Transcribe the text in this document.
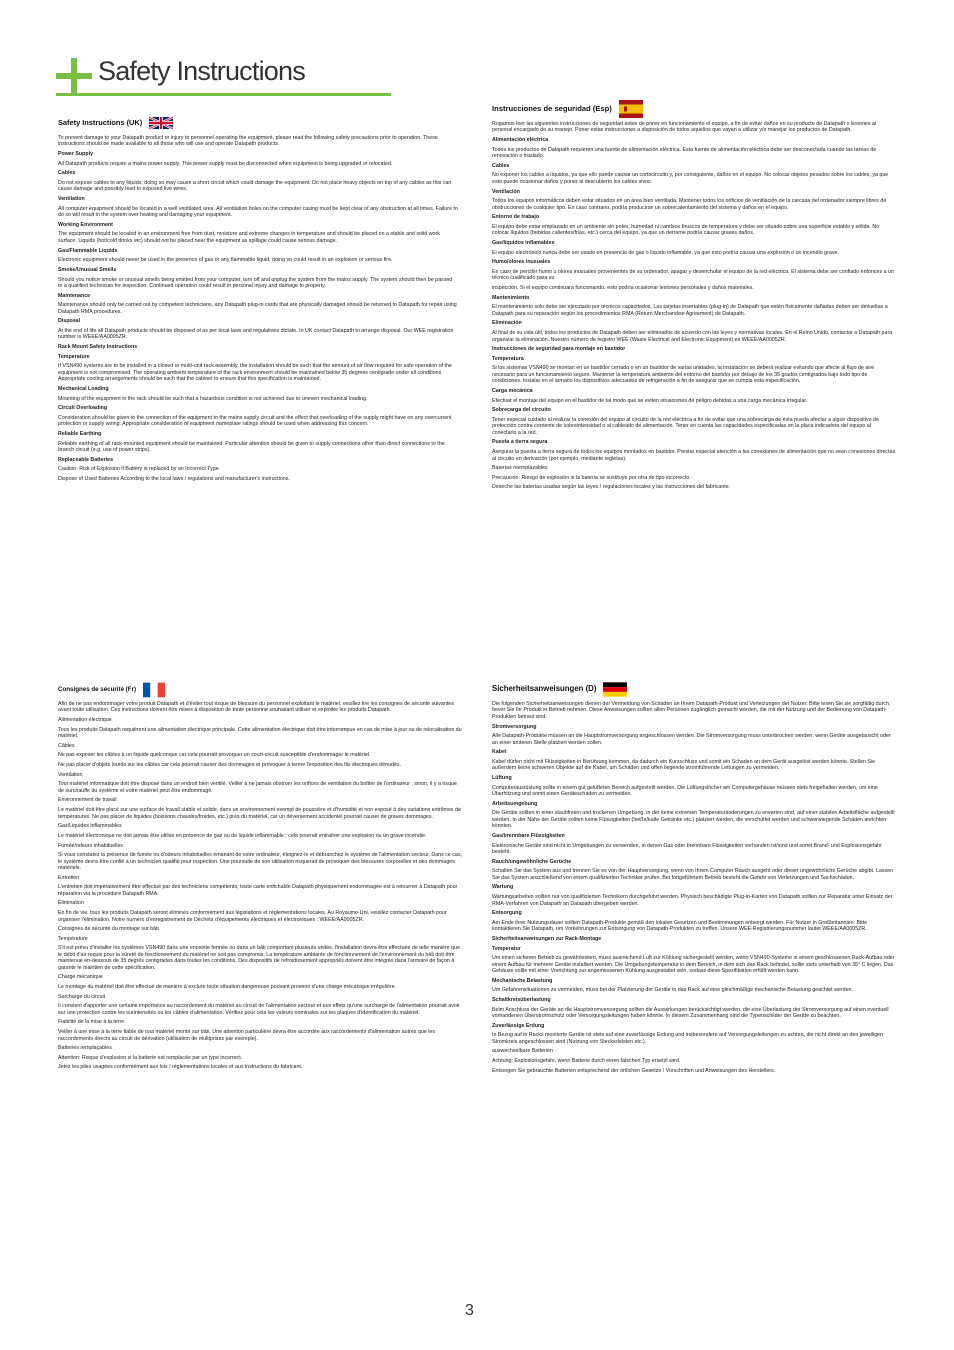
Safety Instructions
Safety Instructions (UK)

To prevent damage to your Datapath product or injury to personnel operating the equipment, please read the following safety precautions prior to operation. These instructions should be made available to all those who will use and operate Datapath products.

Power Supply

All Datapath products require a mains power supply. This power supply must be disconnected when equipment is being upgraded or relocated.

Cables

Do not expose cables to any liquids; doing so may cause a short circuit which could damage the equipment. Do not place heavy objects on top of any cables as this can cause damage and possibly lead to exposed live wires.

Ventilation

All computer equipment should be located in a well ventilated area. All ventilation holes on the computer casing must be kept clear of any obstruction at all times. Failure to do so will result in the system over heating and damaging your equipment.

Working Environment

The equipment should be located in an environment free from dust, moisture and extreme changes in temperature and should be placed on a stable and solid work surface. Liquids (hot/cold drinks etc) should not be placed near the equipment as spillage could cause serious damage.

Gas/Flammable Liquids

Electronic equipment should never be used in the presence of gas or any flammable liquid, doing so could result in an explosion or serious fire.

Smoke/Unusual Smells

Should you notice smoke or unusual smells being emitted from your computer, turn off and unplug the system from the mains supply. The system should then be passed to a qualified technician for inspection. Continued operation could result in personal injury and damage to property.

Maintenance

Maintenance should only be carried out by competent technicians, any Datapath plug-in cards that are physically damaged should be returned to Datapath for repair using Datapath RMA procedures.

Disposal

At the end of life all Datapath products should be disposed of as per local laws and regulations dictate. In UK contact Datapath to arrange disposal. Our WEE registration number is WEEE/AA0005ZR.

Rack Mount Safety Instructions

Temperature

If VSN490 systems are to be installed in a closed or multi-unit rack assembly, the installation should be such that the amount of air flow required for safe operation of the equipment is not compromised. The operating ambient temperature of the rack environment should be maintained below 35 degrees centigrade under all conditions. Appropriate cooling arrangements should be such that the cabinet to ensure that this specification is maintained.

Mechanical Loading

Mounting of the equipment in the rack should be such that a hazardous condition is not achieved due to uneven mechanical loading.

Circuit Overloading

Consideration should be given to the connection of the equipment to the mains supply circuit and the effect that overloading of the supply might have on any overcurrent protection or supply wiring. Appropriate consideration of equipment nameplate ratings should be used when addressing this concern.

Reliable Earthing

Reliable earthing of all rack-mounted equipment should be maintained. Particular attention should be given to supply connections other than direct connections to the branch circuit (e.g. use of power strips).

Replaceable Batteries

Caution: Risk of Explosion if Battery is replaced by an Incorrect Type.

Dispose of Used Batteries According to the local laws / regulations and manufacturer's instructions.

Instrucciones de seguridad (Esp)

Rogamos leer las siguientes instrucciones de seguridad antes de poner en funcionamiento el equipo, a fin de evitar daños en su producto de Datapath o lesiones al personal encargado de su manejo. Poner estas instrucciones a disposición de todos aquellos que vayan a utilizar y/o manejar los productos de Datapath.

Alimentación eléctrica

Todos los productos de Datapath requieren una fuente de alimentación eléctrica. Esta fuente de alimentación eléctrica debe ser desconectada cuando las tareas de renovación o traslado.

Cables

No exponer los cables a líquidos, ya que ello puede causar un cortocircuito y, por consiguiente, daños en el equipo. No colocar objetos pesados sobre los cables, ya que esto puede ocasionar daños y poner al descubierto los cables vivos.

Ventilación

Todos los equipos informáticos deben estar situados en un área bien ventilada. Mantener todos los orificios de ventilación de la carcasa del ordenador siempre libres de obstrucciones de cualquier tipo. En caso contrario, podría producirse un sobrecalentamiento del sistema y daños en el equipo.

Entorno de trabajo

El equipo debe estar emplazado en un ambiente sin polvo, humedad ni cambios bruscos de temperatura y debe ser situado sobre una superficie estable y sólida. No colocar líquidos (bebidas calientes/frías, etc.) cerca del equipo, ya que un derrame podría causar graves daños.

Gas/líquidos inflamables

El equipo electrónico nunca debe ser usado en presencia de gas o líquido inflamable, ya que esto podría causar una explosión o un incendio grave.

Humo/olores inusuales

En caso de percibir humo u olores inusuales provenientes de su ordenador, apagar y desenchufar el equipo de la red eléctrica. El sistema debe ser confiado entonces a un técnico cualificado para su

inspección. Si el equipo continuara funcionando, esto podría ocasionar lesiones personales y daños materiales.

Mantenimiento

El mantenimiento solo debe ser ejecutado por técnicos capacitados. Las tarjetas insertables (plug-in) de Datapath que estén físicamente dañadas deben ser devueltas a Datapath para su reparación según los procedimientos RMA (Return Merchandise Agreement) de Datapath.

Eliminación

Al final de su vida útil, todos los productos de Datapath deben ser eliminados de acuerdo con las leyes y normativas locales. En el Reino Unido, contactar a Datapath para organizar la eliminación. Nuestro número de registro WEE (Waste Electrical and Electronic Equipment) es WEEE/AA0005ZR.

Instrucciones de seguridad para montaje en bastidor

Temperatura

Si los sistemas VSN490 se montan en un bastidor cerrado o en un bastidor de varias unidades, la instalación se deberá realizar evitando que afecte al flujo de aire necesario para un funcionamiento seguro. Mantener la temperatura ambiente del entorno del bastidor por debajo de los 35 grados centígrados bajo todo tipo de condiciones. Instalar en el armario los dispositivos adecuados de refrigeración a fin de asegurar que se cumpla esta especificación.

Carga mecánica

Efectuar el montaje del equipo en el bastidor de tal modo que se eviten situaciones de peligro debidas a una carga mecánica irregular.

Sobrecarga del circuito

Tener especial cuidado al realizar la conexión del equipo al circuito de la red eléctrica a fin de evitar que una sobrecarga de ésta pueda afectar a algún dispositivo de protección contra corriente de sobreintensidad o al cableado de alimentación. Tener en cuenta las capacidades especificadas en la placa indicadora del equipo al conectarlo a la red.

Puesta a tierra segura

Asegurar la puesta a tierra segura de todos los equipos montados en bastidor. Prestar especial atención a las conexiones de alimentación que no sean conexiones directas al circuito en derivación (por ejemplo, mediante regletas).

Baterías reemplazables

Precaución: Riesgo de explosión si la batería se sustituye por otra de tipo incorrecto.

Deseche las baterías usadas según las leyes / regulaciones locales y las instrucciones del fabricante.

Consignes de sécurité (Fr)

Afin de ne pas endommager votre produit Datapath et d'éviter tout risque de blessure du personnel exploitant le matériel, veuillez lire les consignes de sécurité suivantes avant toute utilisation. Ces instructions doivent être mises à disposition de toute personne souhaitant utiliser et exploiter les produits Datapath.

Alimentation électrique

Tous les produits Datapath requièrent une alimentation électrique principale. Cette alimentation électrique doit être interrompue en cas de mise à jour ou de relocalisation du matériel.

Câbles

Ne pas exposer les câbles à un liquide quelconque car cela pourrait provoquer un court-circuit susceptible d'endommager le matériel.

Ne pas placer d'objets lourds sur les câbles car cela pourrait causer des dommages et provoquer à terme l'exposition des fils électriques dénudés.

Ventilation

Tout matériel informatique doit être disposé dans un endroit bien ventilé. Veiller à ne jamais obstruer les orifices de ventilation du boîtier de l'ordinateur ; sinon, il y a risque de surchauffe du système et votre matériel peut être endommagé.

Environnement de travail

Le matériel doit être placé sur une surface de travail stable et solide, dans un environnement exempt de poussière et d'humidité et non exposé à des variations extrêmes de températures. Ne pas placer de liquides (boissons chaudes/froides, etc.) près du matériel, car un déversement accidentel pourrait causer de graves dommages.

Gaz/Liquides inflammables

Le matériel électronique ne doit jamais être utilisé en présence de gaz ou de liquide inflammable ; cela pourrait entraîner une explosion ou un grave incendie.

Fumée/odeurs inhabituelles

Si vous constatez la présence de fumée ou d'odeurs inhabituelles émanant de votre ordinateur, éteignez-le et débranchez le système de l'alimentation secteur. Dans ce cas, le système devra être confié à un technicien qualifié pour inspection. Une poursuite de son utilisation risquerait de provoquer des blessures corporelles et des dommages matériels.

Entretien

L'entretien doit impérativement être effectué par des techniciens compétents, toute carte enfichable Datapath physiquement endommagée est à retourner à Datapath pour réparation via la procédure Datapath RMA.

Élimination

En fin de vie, tous les produits Datapath seront éliminés conformément aux législations et réglementations locales. Au Royaume-Uni, veuillez contacter Datapath pour organiser l'élimination. Notre numéro d'enregistrement de Déchets d'équipements électriques et électroniques : WEEE/AA0005ZR.

Consignes de sécurité du montage sur bâti

Température

S'il est prévu d'installer les systèmes VSN490 dans une enceinte fermée ou dans un bâti comportant plusieurs unités, l'installation devra être effectuée de telle manière que le débit d'air requis pour la sûreté de fonctionnement du matériel ne soit pas compromis. La température ambiante de fonctionnement de l'environnement du bâti doit être maintenue en-dessous de 35 degrés centigrades dans toutes les conditions. Des dispositifs de refroidissement appropriés doivent être intégrés dans l'armoire de façon à garantir le maintien de cette spécification.

Charge mécanique

Le montage du matériel doit être effectué de manière à exclure toute situation dangereuse pouvant provenir d'une charge mécanique irrégulière.

Surcharge du circuit

Il convient d'apporter une certaine importance au raccordement du matériel au circuit de l'alimentation secteur et aux effets qu'une surcharge de l'alimentation pourrait avoir sur une protection contre les surintensités ou les câbles d'alimentation. Vérifiez pour cela les valeurs nominales sur les plaques d'identification du matériel.

Fiabilité de la mise à la terre

Veiller à une mise à la terre fiable de tout matériel monté sur bâti. Une attention particulière devra être accordée aux raccordements d'alimentation autres que les raccordements directs au circuit de dérivation (utilisation de multiprises par exemple).

Batteries remplaçables

Attention: Risque d'explosion si la batterie est remplacée par un type incorrect.

Jetez les piles usagées conformément aux lois / réglementations locales et aux instructions du fabricant.

Sicherheitsanweisungen (D)

Die folgenden Sicherheitsanweisungen dienen der Vermeidung von Schäden an Ihrem Datapath-Produkt und Verletzungen der Nutzer. Bitte lesen Sie sie sorgfältig durch, bevor Sie Ihr Produkt in Betrieb nehmen. Diese Anweisungen sollten allen Personen zugänglich gemacht werden, die mit der Nutzung und der Bedienung von Datapath-Produkten betraut sind.

Stromversorgung

Alle Datapath-Produkte müssen an die Hauptstromversorgung angeschlossen werden. Die Stromversorgung muss unterbrochen werden, wenn Geräte ausgetauscht oder an einer anderen Stelle platziert werden sollen.

Kabel

Kabel dürfen nicht mit Flüssigkeiten in Berührung kommen, da dadurch ein Kurzschluss und somit ein Schaden an dem Gerät ausgelöst werden könnte. Stellen Sie außerdem keine schweren Objekte auf die Kabel, um Schäden und offen liegende stromführende Leitungen zu vermeiden.

Lüftung

Computerausrüstung sollte in einem gut gelüfteten Bereich aufgestellt werden. Die Lüftungslöcher am Computergehäuse müssen stets freigehalten werden, um eine Überhitzung und somit einen Geräteschaden zu vermeiden.

Arbeitsumgebung

Die Geräte sollten in einer staubfreien und trockenen Umgebung, in der keine extremen Temperaturänderungen zu erwarten sind, auf einer stabilen Arbeitsfläche aufgestellt werden. In der Nähe der Geräte sollten keine Flüssigkeiten (heiße/kalte Getränke etc.) platziert werden, die verschüttet werden und schwerwiegende Schäden anrichten könnten.

Gas/brennbare Flüssigkeiten

Elektronische Geräte sind nicht in Umgebungen zu verwenden, in denen Gas oder brennbare Flüssigkeiten vorhanden ist/sind und somit Brand- und Explosionsgefahr besteht.

Rauch/ungewöhnliche Gerüche

Schalten Sie das System aus und trennen Sie es von der Hauptversorgung, wenn von Ihrem Computer Rauch ausgeht oder dieser ungewöhnliche Gerüche abgibt. Lassen Sie das System anschließend von einem qualifizierten Techniker prüfen. Bei fortgeführtem Betrieb besteht die Gefahr von Verletzungen und Sachschäden.

Wartung

Wartungsarbeiten sollten nur von qualifizierten Technikern durchgeführt werden. Physisch beschädigte Plug-in-Karten von Datapath sollten zur Reparatur unter Einsatz der RMA-Verfahren von Datapath an Datapath übergeben werden.

Entsorgung

Am Ende ihrer Nutzungsdauer sollten Datapath-Produkte gemäß den lokalen Gesetzen und Bestimmungen entsorgt werden. Für Nutzer in Großbritannien: Bitte kontaktieren Sie Datapath, um Vorkehrungen zur Entsorgung von Datapath-Produkten zu treffen. Unsere WEE-Registrierungsnummer lautet WEEE/AA0005ZR.

Sicherheitsanweisungen zur Rack-Montage

Temperatur

Um einen sicheren Betrieb zu gewährleisten, muss ausreichend Luft zur Kühlung sichergestellt werden, wenn VSN490-Systeme in einem geschlossenen Rack-Aufbau oder einem Aufbau für mehrere Geräte installiert werden. Die Umgebungstemperatur in dem Bereich, in dem sich das Rack befindet, sollte stets unterhalb von 35° C liegen. Das Gehäuse sollte mit einer Vorrichtung zur angemessenen Kühlung ausgestattet sein, sodass diese Spezifikation erfüllt werden kann.

Mechanische Belastung

Um Gefahrensituationen zu vermeiden, muss bei der Platzierung der Geräte in das Rack auf eine gleichmäßige mechanische Belastung geachtet werden.

Schaltkreisüberlastung

Beim Anschluss der Geräte an die Hauptstromversorgung sollten die Auswirkungen berücksichtigt werden, die eine Überlastung der Stromversorgung auf einen eventuell vorhandenen Überstromschutz oder Versorgungsleitungen haben könnte. In diesem Zusammenhang sind die Typenschilder der Geräte zu beachten.

Zuverlässige Erdung

In Bezug auf in Racks montierte Geräte ist stets auf eine zuverlässige Erdung und insbesondere auf Versorgungsleitungen zu achten, die nicht direkt an den jeweiligen Stromkreis angeschlossen sind (Nutzung von Steckerleisten etc.).

auswechselbare Batterien

Achtung: Explosionsgefahr, wenn Batterie durch einen falschen Typ ersetzt wird.

Entsorgen Sie gebrauchte Batterien entsprechend der örtlichen Gesetze / Vorschriften und Anweisungen des Herstellers.

3
